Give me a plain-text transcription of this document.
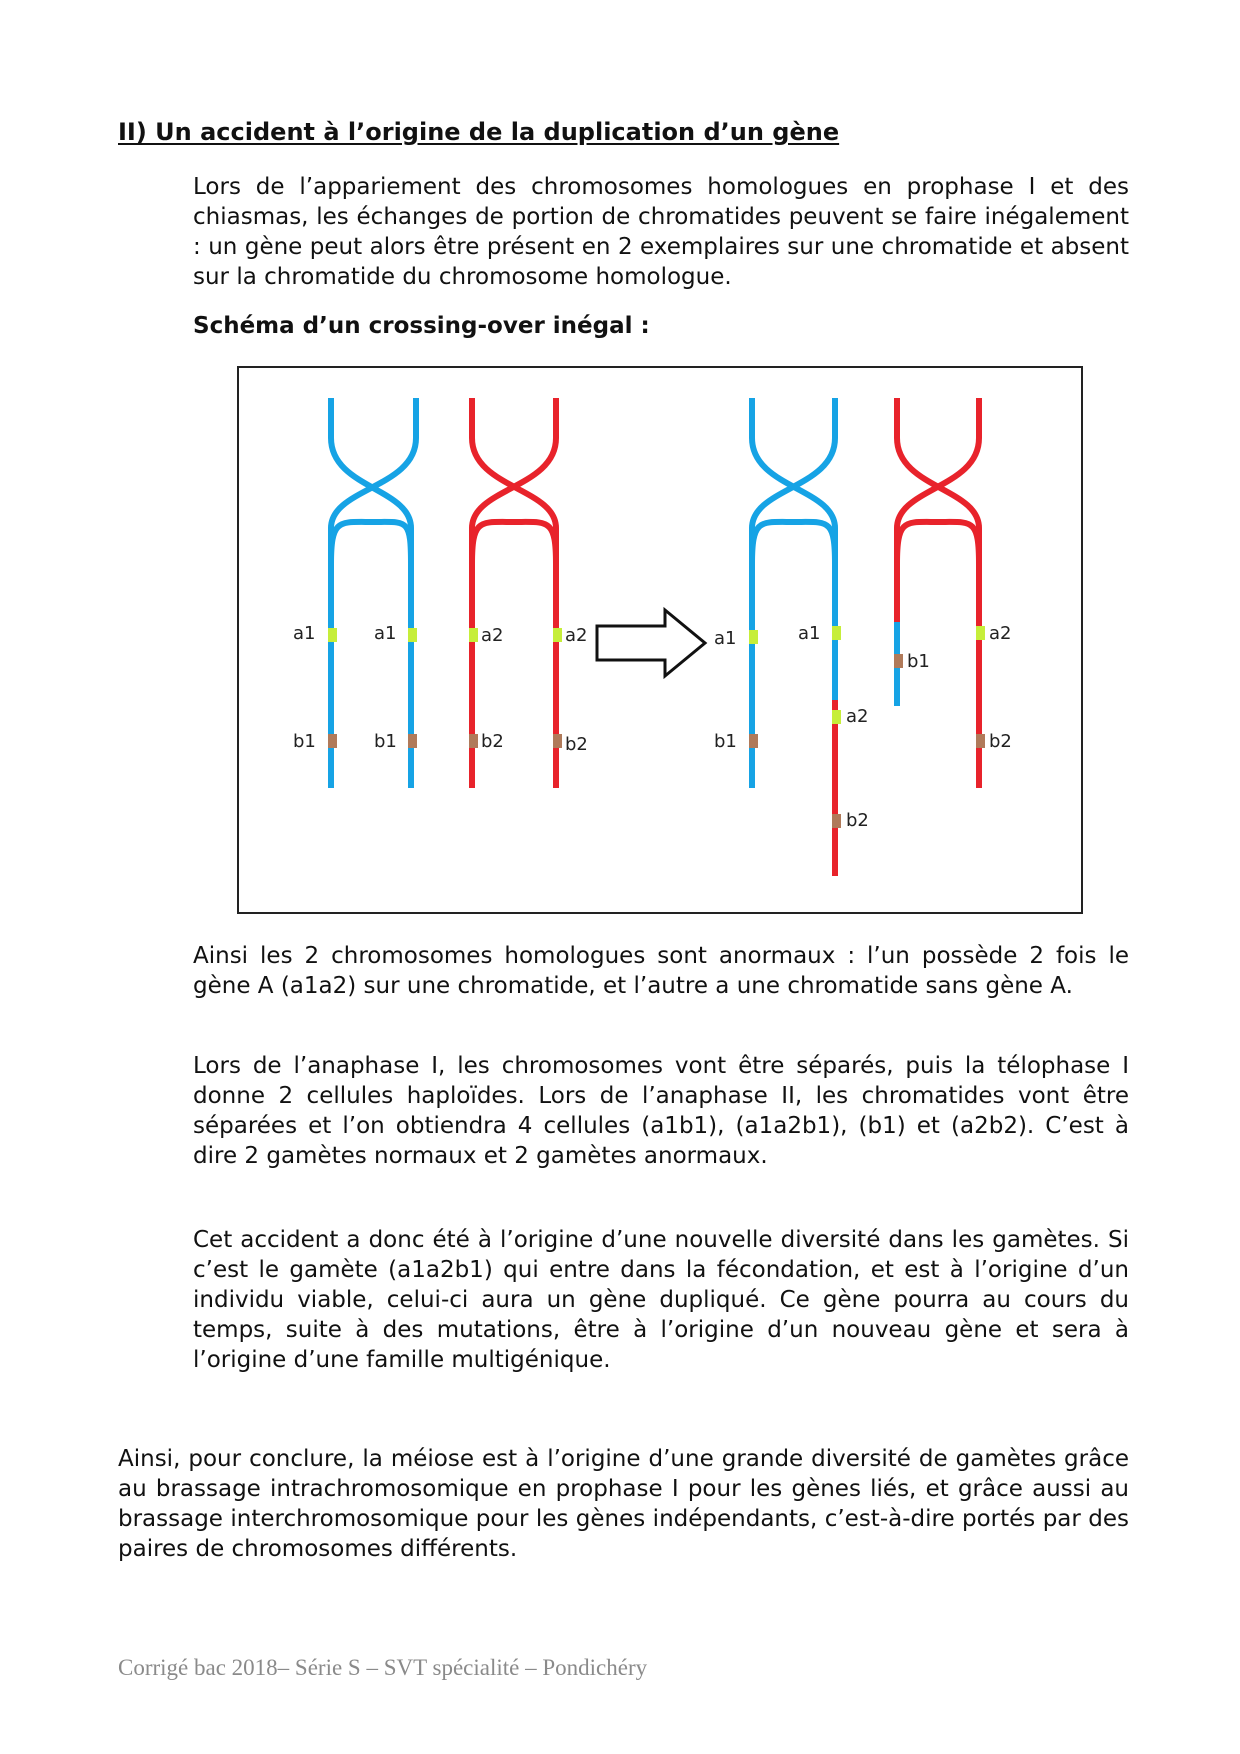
II) Un accident à l’origine de la duplication d’un gène

Lors de l’appariement des chromosomes homologues en prophase I et des chiasmas, les échanges de portion de chromatides peuvent se faire inégalement : un gène peut alors être présent en 2 exemplaires sur une chromatide et absent sur la chromatide du chromosome homologue.

Schéma d’un crossing-over inégal :
a1	a1
b1	b1
a2	a2
b2	b2
a1	a1
a2
b1
b2
b1
a2
b2

Ainsi les 2 chromosomes homologues sont anormaux : l’un possède 2 fois le gène A (a1a2) sur une chromatide, et l’autre a une chromatide sans gène A.

Lors de l’anaphase I, les chromosomes vont être séparés, puis la télophase I donne 2 cellules haploïdes. Lors de l’anaphase II, les chromatides vont être séparées et l’on obtiendra 4 cellules (a1b1), (a1a2b1), (b1) et (a2b2). C’est à dire 2 gamètes normaux et 2 gamètes anormaux.

Cet accident a donc été à l’origine d’une nouvelle diversité dans les gamètes. Si c’est le gamète (a1a2b1) qui entre dans la fécondation, et est à l’origine d’un individu viable, celui-ci aura un gène dupliqué. Ce gène pourra au cours du temps, suite à des mutations, être à l’origine d’un nouveau gène et sera à l’origine d’une famille multigénique.

Ainsi, pour conclure, la méiose est à l’origine d’une grande diversité de gamètes grâce au brassage intrachromosomique en prophase I pour les gènes liés, et grâce aussi au brassage interchromosomique pour les gènes indépendants, c’est-à-dire portés par des paires de chromosomes différents.

Corrigé bac 2018– Série S – SVT spécialité – Pondichéry
